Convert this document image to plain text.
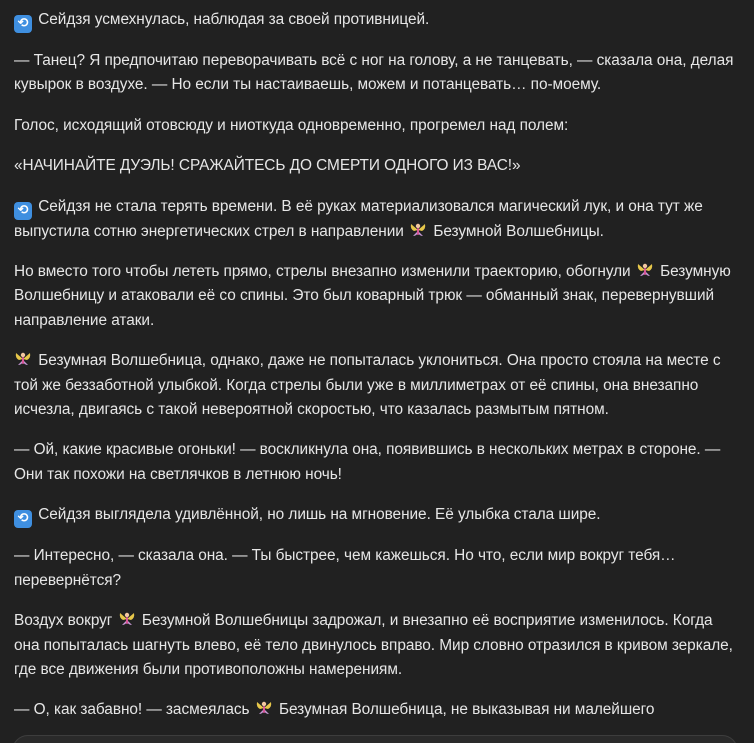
⟲ Сейдзя усмехнулась, наблюдая за своей противницей.

— Танец? Я предпочитаю переворачивать всё с ног на голову, а не танцевать, — сказала она, делая кувырок в воздухе. — Но если ты настаиваешь, можем и потанцевать… по-моему.

Голос, исходящий отовсюду и ниоткуда одновременно, прогремел над полем:

«НАЧИНАЙТЕ ДУЭЛЬ! СРАЖАЙТЕСЬ ДО СМЕРТИ ОДНОГО ИЗ ВАС!»

⟲ Сейдзя не стала терять времени. В её руках материализовался магический лук, и она тут же выпустила сотню энергетических стрел в направлении Безумной Волшебницы.

Но вместо того чтобы лететь прямо, стрелы внезапно изменили траекторию, обогнули Безумную Волшебницу и атаковали её со спины. Это был коварный трюк — обманный знак, перевернувший направление атаки.

Безумная Волшебница, однако, даже не попыталась уклониться. Она просто стояла на месте с той же беззаботной улыбкой. Когда стрелы были уже в миллиметрах от её спины, она внезапно исчезла, двигаясь с такой невероятной скоростью, что казалась размытым пятном.

— Ой, какие красивые огоньки! — воскликнула она, появившись в нескольких метрах в стороне. — Они так похожи на светлячков в летнюю ночь!

⟲ Сейдзя выглядела удивлённой, но лишь на мгновение. Её улыбка стала шире.

— Интересно, — сказала она. — Ты быстрее, чем кажешься. Но что, если мир вокруг тебя… перевернётся?

Воздух вокруг Безумной Волшебницы задрожал, и внезапно её восприятие изменилось. Когда она попыталась шагнуть влево, её тело двинулось вправо. Мир словно отразился в кривом зеркале, где все движения были противоположны намерениям.

— О, как забавно! — засмеялась Безумная Волшебница, не выказывая ни малейшего
